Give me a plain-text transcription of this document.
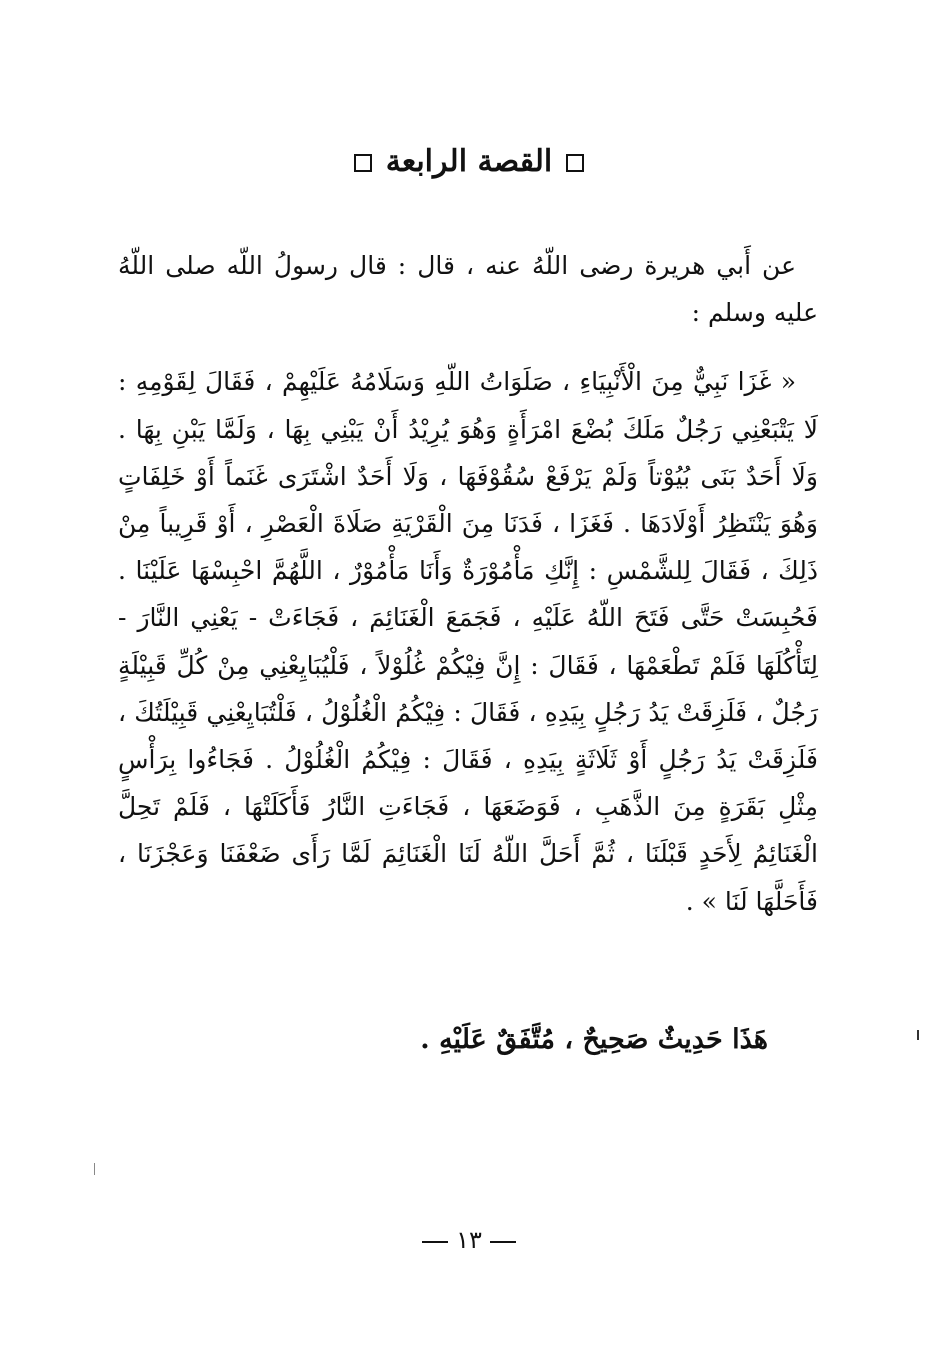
القصة الرابعة

عن أَبي هريرة رضى اللّهُ عنه ، قال : قال رسولُ اللّه صلى اللّهُ عليه وسلم :

« غَزَا نَبِيٌّ مِنَ الْأَنْبِيَاءِ ، صَلَوَاتُ اللّهِ وَسَلَامُهُ عَلَيْهِمْ ، فَقَالَ لِقَوْمِهِ : لَا يَتْبَعْنِي رَجُلٌ مَلَكَ بُضْعَ امْرَأَةٍ وَهُوَ يُرِيْدُ أَنْ يَبْنِي بِهَا ، وَلَمَّا يَبْنِ بِهَا . وَلَا أَحَدٌ بَنَى بُيُوْتاً وَلَمْ يَرْفَعْ سُقُوْفَهَا ، وَلَا أَحَدٌ اشْتَرَى غَنَماً أَوْ خَلِفَاتٍ وَهُوَ يَنْتَظِرُ أَوْلَادَهَا . فَغَزَا ، فَدَنَا مِنَ الْقَرْيَةِ صَلَاةَ الْعَصْرِ ، أَوْ قَرِيباً مِنْ ذَلِكَ ، فَقَالَ لِلشَّمْسِ : إِنَّكِ مَأْمُوْرَةٌ وَأَنَا مَأْمُوْرٌ ، اللَّهُمَّ احْبِسْهَا عَلَيْنَا . فَحُبِسَتْ حَتَّى فَتَحَ اللّهُ عَلَيْهِ ، فَجَمَعَ الْغَنَائِمَ ، فَجَاءَتْ - يَعْنِي النَّارَ - لِتَأْكُلَهَا فَلَمْ تَطْعَمْهَا ، فَقَالَ : إِنَّ فِيْكُمْ غُلُوْلاً ، فَلْيُبَايِعْنِي مِنْ كُلِّ قَبِيْلَةٍ رَجُلٌ ، فَلَزِقَتْ يَدُ رَجُلٍ بِيَدِهِ ، فَقَالَ : فِيْكُمُ الْغُلُوْلُ ، فَلْتُبَايِعْنِي قَبِيْلَتُكَ ، فَلَزِقَتْ يَدُ رَجُلٍ أَوْ ثَلَاثَةٍ بِيَدِهِ ، فَقَالَ : فِيْكُمُ الْغُلُوْلُ . فَجَاءُوا بِرَأْسٍ مِثْلِ بَقَرَةٍ مِنَ الذَّهَبِ ، فَوَضَعَهَا ، فَجَاءَتِ النَّارُ فَأَكَلَتْهَا ، فَلَمْ تَحِلَّ الْغَنَائِمُ لِأَحَدٍ قَبْلَنَا ، ثُمَّ أَحَلَّ اللّهُ لَنَا الْغَنَائِمَ لَمَّا رَأَى ضَعْفَنَا وَعَجْزَنَا ، فَأَحَلَّهَا لَنَا » .

هَذَا حَدِيثٌ صَحِيحٌ ، مُتَّفَقٌ عَلَيْهِ .
١٣
